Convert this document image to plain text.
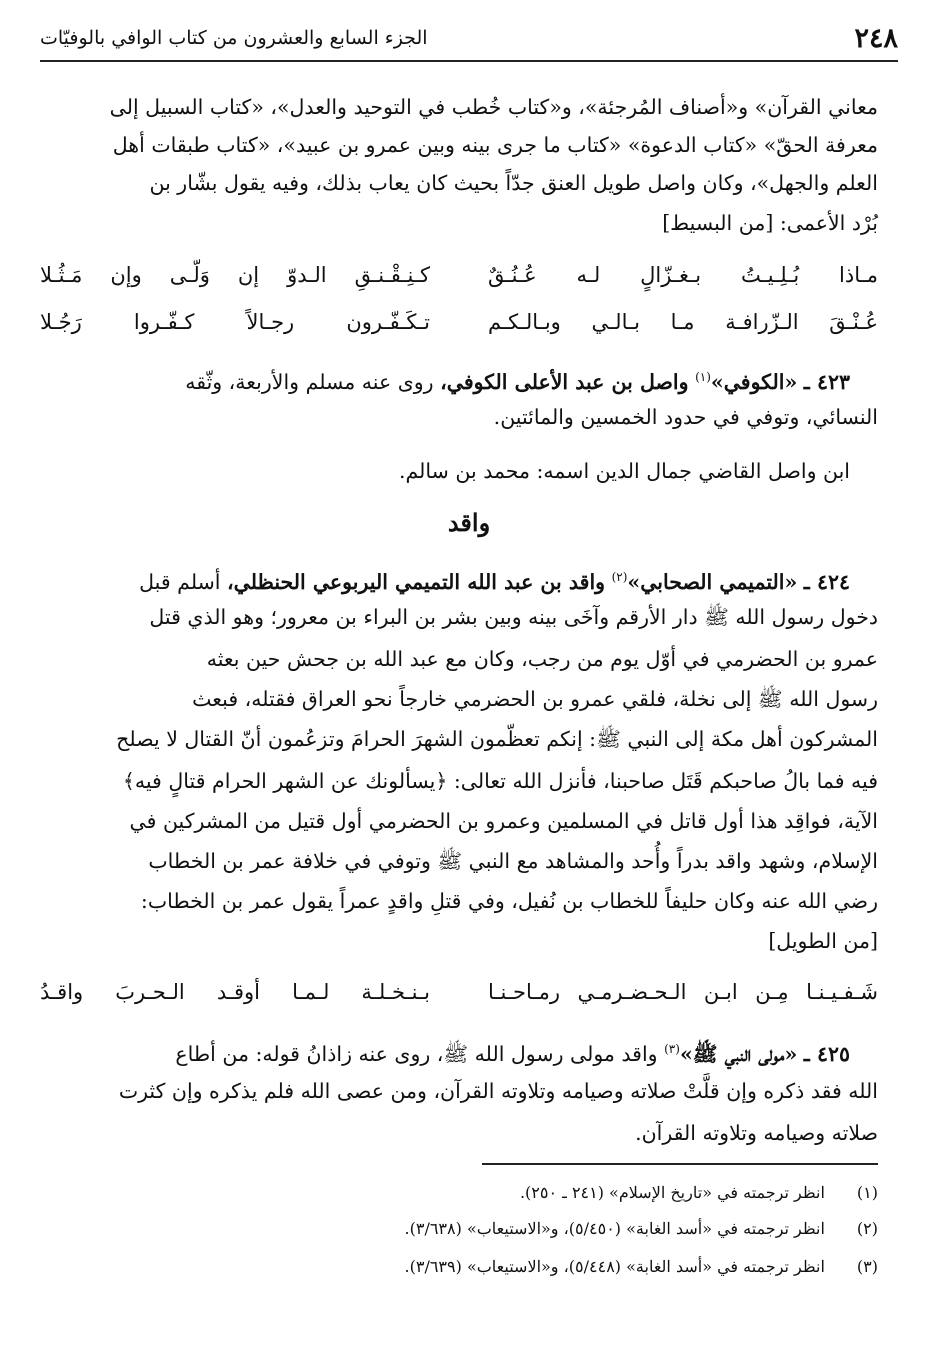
٢٤٨
الجزء السابع والعشرون من كتاب الوافي بالوفيّات
معاني القرآن» و«أصناف المُرجئة»، و«كتاب خُطب في التوحيد والعدل»، «كتاب السبيل إلى
معرفة الحقّ» «كتاب الدعوة» «كتاب ما جرى بينه وبين عمرو بن عبيد»، «كتاب طبقات أهل
العلم والجهل»، وكان واصل طويل العنق جدّاً بحيث كان يعاب بذلك، وفيه يقول بشّار بن
بُرْد الأعمى: [من البسيط]
مـاذا بُـلِـيـتُ بـغـزّالٍ لـه عُـنُـقٌ
كـنِـقْـنـقِ الـدوّ إن وَلّـى وإن مَـثُـلا
عُـنْـقَ الـزّرافـة مـا بـالـي وبـالـكـم
تـكَـفّـرون رجـالاً كـفّـروا رَجُـلا
٤٢٣ ـ «الكوفي»$^{(١)}$ واصل بن عبد الأعلى الكوفي، روى عنه مسلم والأربعة، وثّقه
النسائي، وتوفي في حدود الخمسين والمائتين.
ابن واصل القاضي جمال الدين اسمه: محمد بن سالم.
واقد
٤٢٤ ـ «التميمي الصحابي»$^{(٢)}$ واقد بن عبد الله التميمي اليربوعي الحنظلي، أسلم قبل
دخول رسول الله ﷺ دار الأرقم وآخَى بينه وبين بشر بن البراء بن معرور؛ وهو الذي قتل
عمرو بن الحضرمي في أوّل يوم من رجب، وكان مع عبد الله بن جحش حين بعثه
رسول الله ﷺ إلى نخلة، فلقي عمرو بن الحضرمي خارجاً نحو العراق فقتله، فبعث
المشركون أهل مكة إلى النبي ﷺ: إنكم تعظّمون الشهرَ الحرامَ وتزعُمون أنّ القتال لا يصلح
فيه فما بالُ صاحبكم قَتَل صاحبنا، فأنزل الله تعالى: ﴿يسألونك عن الشهر الحرام قتالٍ فيه﴾
الآية، فواقِد هذا أول قاتل في المسلمين وعمرو بن الحضرمي أول قتيل من المشركين في
الإسلام، وشهد واقد بدراً وأُحد والمشاهد مع النبي ﷺ وتوفي في خلافة عمر بن الخطاب
رضي الله عنه وكان حليفاً للخطاب بن نُفيل، وفي قتلِ واقدٍ عمراً يقول عمر بن الخطاب:
[من الطويل]
شَـفـيـنـا مِـن ابـن الـحـضـرمـي رمـاحـنـا
بـنـخـلـة لـمـا أوقـد الـحـربَ واقـدُ
٤٢٥ ـ «مولى النبي ﷺ»$^{(٣)}$ واقد مولى رسول الله ﷺ، روى عنه زاذانُ قوله: من أطاع
الله فقد ذكره وإن قلَّتْ صلاته وصيامه وتلاوته القرآن، ومن عصى الله فلم يذكره وإن كثرت
صلاته وصيامه وتلاوته القرآن.
(١) انظر ترجمته في «تاريخ الإسلام» (٢٤١ ـ ٢٥٠).
(٢) انظر ترجمته في «أسد الغابة» (٥/٤٥٠)، و«الاستيعاب» (٣/٦٣٨).
(٣) انظر ترجمته في «أسد الغابة» (٥/٤٤٨)، و«الاستيعاب» (٣/٦٣٩).
